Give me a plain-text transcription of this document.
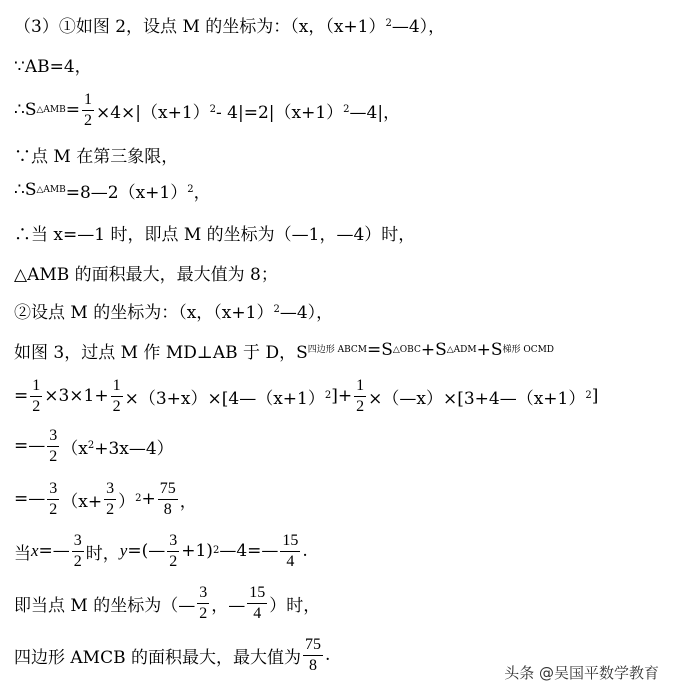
（3）①如图 2，设点 M 的坐标为：（x，（x+1） 2 —4），
∵AB=4，
∴S △AMB = $\frac{1}{2} \times 4\times|(x+1)$ 2 - 4|=2|（x+1） 2 —4|，
∵点 M 在第三象限，
∴S △AMB =8—2（x+1） 2 ，
∴当 x=—1 时，即点 M 的坐标为（—1，—4）时，
△AMB 的面积最大，最大值为 8；
②设点 M 的坐标为：（x，（x+1） 2 —4），
如图 3，过点 M 作 MD⊥AB 于 D，S 四边形 ABCM =S △OBC +S △ADM +S 梯形 OCMD
= $\frac{1}{2} \times 3\times 1+ \frac{1}{2}$ ×（3+x）×[4—（x+1） 2 ]+ $\frac{1}{2}$ ×（—x）×[3+4—（x+1） 2 ]
=— $\frac{3}{2} (x$ 2 +3x—4）
=— $\frac{3}{2} (x+ \frac{3}{2}$ ） $2 + \frac{75}{8}$ ，
当 x =— $\frac{3}{2}$ 时， y =(— $\frac{3}{2} +1$) 2 —4=— $\frac{15}{4}$ .
即当点 M 的坐标为（— $\frac{3}{2}$ ，— $\frac{15}{4}$ ）时，
四边形 AMCB 的面积最大，最大值为 $\frac{75}{8}$ .
头条 @吴国平数学教育
